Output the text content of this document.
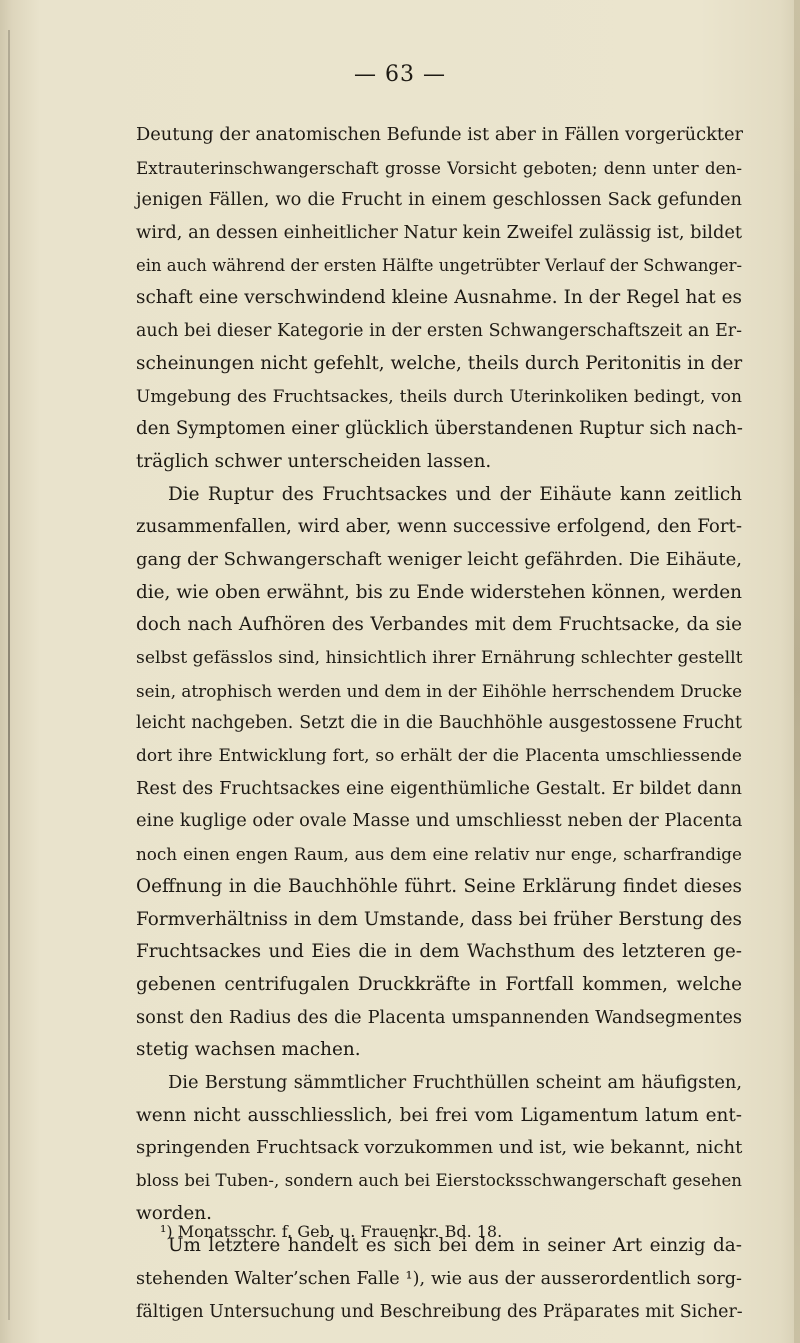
— 63 —
Deutung der anatomischen Befunde ist aber in Fällen vorgerückter
Extrauterinschwangerschaft grosse Vorsicht geboten; denn unter den-
jenigen Fällen, wo die Frucht in einem geschlossen Sack gefunden
wird, an dessen einheitlicher Natur kein Zweifel zulässig ist, bildet
ein auch während der ersten Hälfte ungetrübter Verlauf der Schwanger-
schaft eine verschwindend kleine Ausnahme. In der Regel hat es
auch bei dieser Kategorie in der ersten Schwangerschaftszeit an Er-
scheinungen nicht gefehlt, welche, theils durch Peritonitis in der
Umgebung des Fruchtsackes, theils durch Uterinkoliken bedingt, von
den Symptomen einer glücklich überstandenen Ruptur sich nach-
träglich schwer unterscheiden lassen.
Die Ruptur des Fruchtsackes und der Eihäute kann zeitlich
zusammenfallen, wird aber, wenn successive erfolgend, den Fort-
gang der Schwangerschaft weniger leicht gefährden. Die Eihäute,
die, wie oben erwähnt, bis zu Ende widerstehen können, werden
doch nach Aufhören des Verbandes mit dem Fruchtsacke, da sie
selbst gefässlos sind, hinsichtlich ihrer Ernährung schlechter gestellt
sein, atrophisch werden und dem in der Eihöhle herrschendem Drucke
leicht nachgeben. Setzt die in die Bauchhöhle ausgestossene Frucht
dort ihre Entwicklung fort, so erhält der die Placenta umschliessende
Rest des Fruchtsackes eine eigenthümliche Gestalt. Er bildet dann
eine kuglige oder ovale Masse und umschliesst neben der Placenta
noch einen engen Raum, aus dem eine relativ nur enge, scharfrandige
Oeffnung in die Bauchhöhle führt. Seine Erklärung findet dieses
Formverhältniss in dem Umstande, dass bei früher Berstung des
Fruchtsackes und Eies die in dem Wachsthum des letzteren ge-
gebenen centrifugalen Druckkräfte in Fortfall kommen, welche
sonst den Radius des die Placenta umspannenden Wandsegmentes
stetig wachsen machen.
Die Berstung sämmtlicher Fruchthüllen scheint am häufigsten,
wenn nicht ausschliesslich, bei frei vom Ligamentum latum ent-
springenden Fruchtsack vorzukommen und ist, wie bekannt, nicht
bloss bei Tuben-, sondern auch bei Eierstocksschwangerschaft gesehen
worden.
Um letztere handelt es sich bei dem in seiner Art einzig da-
stehenden Walter’schen Falle ¹), wie aus der ausserordentlich sorg-
fältigen Untersuchung und Beschreibung des Präparates mit Sicher-
¹) Monatsschr. f. Geb. u. Frauenkr. Bd. 18.
